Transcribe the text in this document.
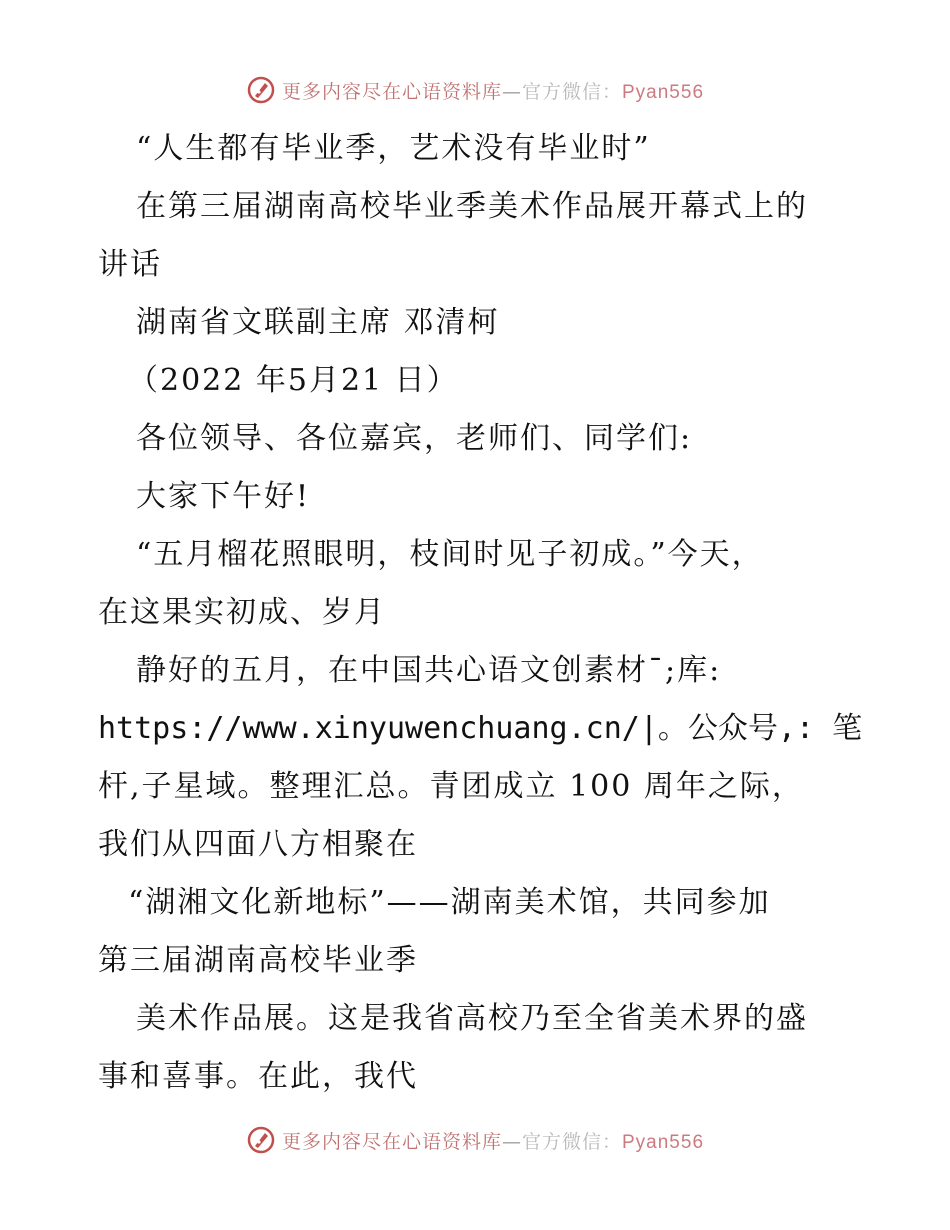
更多内容尽在心语资料库—官方微信：Pyan556
“人生都有毕业季，艺术没有毕业时”
在第三届湖南高校毕业季美术作品展开幕式上的
讲话
湖南省文联副主席 邓清柯
（2022 年5月21 日）
各位领导、各位嘉宾，老师们、同学们:
大家下午好!
“五月榴花照眼明，枝间时见子初成。”今天，
在这果实初成、岁月
静好的五月，在中国共心语文创素材¯;库:
https://www.xinyuwenchuang.cn/|。公众号,: 笔
杆,子星域。整理汇总。青团成立 100 周年之际，
我们从四面八方相聚在
“湖湘文化新地标”——湖南美术馆，共同参加
第三届湖南高校毕业季
美术作品展。这是我省高校乃至全省美术界的盛
事和喜事。在此，我代
更多内容尽在心语资料库—官方微信：Pyan556
